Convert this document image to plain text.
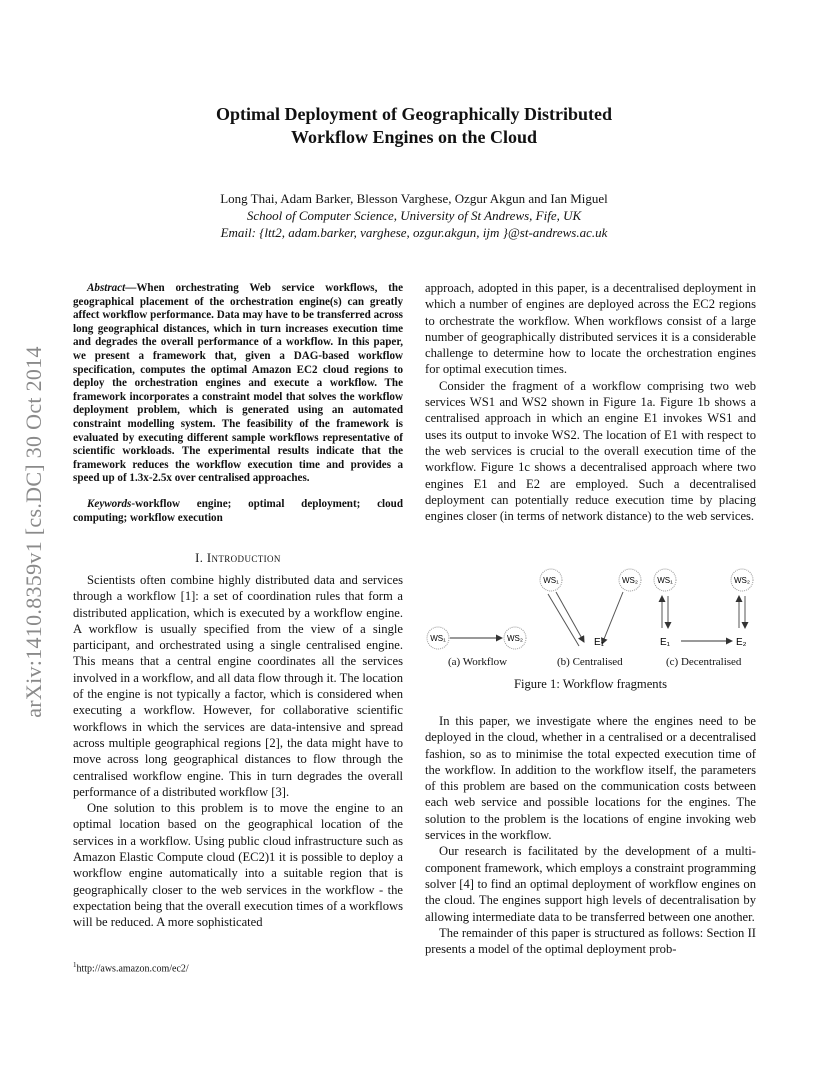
arXiv:1410.8359v1 [cs.DC] 30 Oct 2014
Optimal Deployment of Geographically Distributed
Workflow Engines on the Cloud
Long Thai, Adam Barker, Blesson Varghese, Ozgur Akgun and Ian Miguel
School of Computer Science, University of St Andrews, Fife, UK
Email: {ltt2, adam.barker, varghese, ozgur.akgun, ijm }@st-andrews.ac.uk

Abstract—When orchestrating Web service workflows, the geographical placement of the orchestration engine(s) can greatly affect workflow performance. Data may have to be transferred across long geographical distances, which in turn increases execution time and degrades the overall performance of a workflow. In this paper, we present a framework that, given a DAG-based workflow specification, computes the optimal Amazon EC2 cloud regions to deploy the orchestration engines and execute a workflow. The framework incorporates a constraint model that solves the workflow deployment problem, which is generated using an automated constraint modelling system. The feasibility of the framework is evaluated by executing different sample workflows representative of scientific workloads. The experimental results indicate that the framework reduces the workflow execution time and provides a speed up of 1.3x-2.5x over centralised approaches.

Keywords-workflow engine; optimal deployment; cloud computing; workflow execution

I. Introduction

Scientists often combine highly distributed data and services through a workflow [1]: a set of coordination rules that form a distributed application, which is executed by a workflow engine. A workflow is usually specified from the view of a single participant, and orchestrated using a single centralised engine. This means that a central engine coordinates all the services involved in a workflow, and all data flow through it. The location of the engine is not typically a factor, which is considered when executing a workflow. However, for collaborative scientific workflows in which the services are data-intensive and spread across multiple geographical regions [2], the data might have to move across long geographical distances to flow through the centralised workflow engine. This in turn degrades the overall performance of a distributed workflow [3].

One solution to this problem is to move the engine to an optimal location based on the geographical location of the services in a workflow. Using public cloud infrastructure such as Amazon Elastic Compute cloud (EC2)1 it is possible to deploy a workflow engine automatically into a suitable region that is geographically closer to the web services in the workflow - the expectation being that the overall execution times of a workflows will be reduced. A more sophisticated

$^1$http://aws.amazon.com/ec2/

approach, adopted in this paper, is a decentralised deployment in which a number of engines are deployed across the EC2 regions to orchestrate the workflow. When workflows consist of a large number of geographically distributed services it is a considerable challenge to determine how to locate the orchestration engines for optimal execution times.

Consider the fragment of a workflow comprising two web services WS1 and WS2 shown in Figure 1a. Figure 1b shows a centralised approach in which an engine E1 invokes WS1 and uses its output to invoke WS2. The location of E1 with respect to the web services is crucial to the overall execution time of the workflow. Figure 1c shows a decentralised approach where two engines E1 and E2 are employed. Such a decentralised deployment can potentially reduce execution time by placing engines closer (in terms of network distance) to the web services.

WS₁	WS₂
WS₁	WS₂
E₁
WS₁	WS₂
E₁	E₂
(a) Workflow	(b) Centralised	(c) Decentralised
Figure 1: Workflow fragments

In this paper, we investigate where the engines need to be deployed in the cloud, whether in a centralised or a decentralised fashion, so as to minimise the total expected execution time of the workflow. In addition to the workflow itself, the parameters of this problem are based on the communication costs between each web service and possible locations for the engines. The solution to the problem is the locations of engine invoking web services in the workflow.

Our research is facilitated by the development of a multi-component framework, which employs a constraint programming solver [4] to find an optimal deployment of workflow engines on the cloud. The engines support high levels of decentralisation by allowing intermediate data to be transferred between one another.

The remainder of this paper is structured as follows: Section II presents a model of the optimal deployment prob-
